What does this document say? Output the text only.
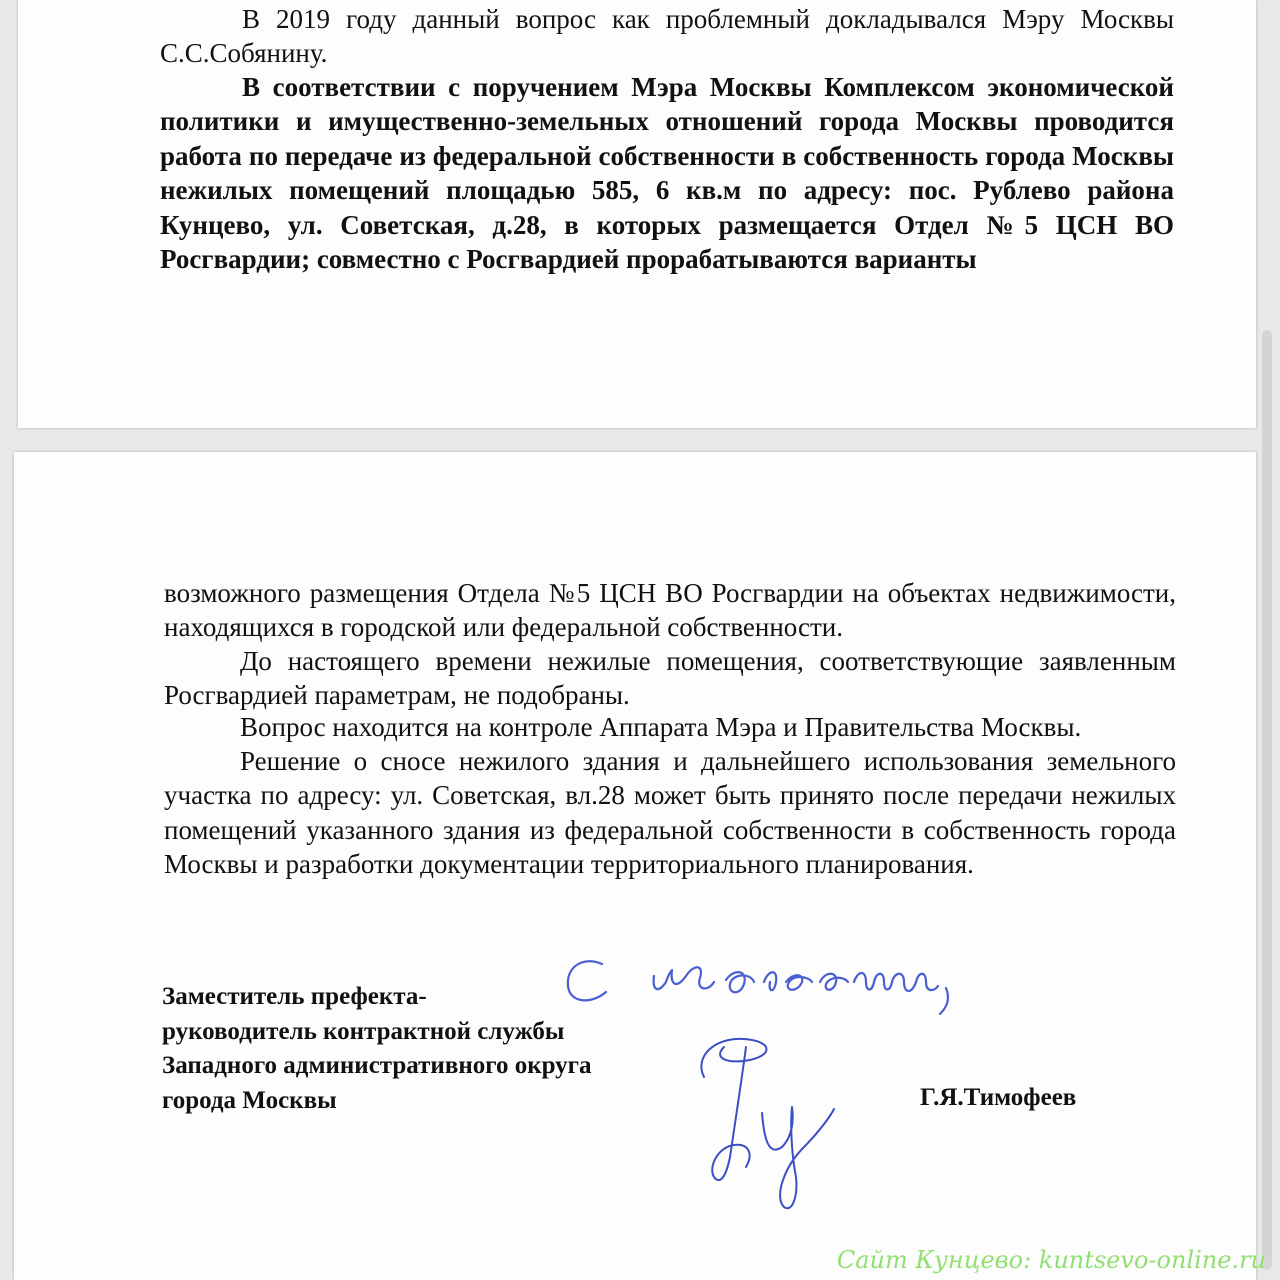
В 2019 году данный вопрос как проблемный докладывался Мэру Москвы С.С.Собянину.

В соответствии с поручением Мэра Москвы Комплексом экономической политики и имущественно-земельных отношений города Москвы проводится работа по передаче из федеральной собственности в собственность города Москвы нежилых помещений площадью 585, 6 кв.м по адресу: пос. Рублево района Кунцево, ул. Советская, д.28, в которых размещается Отдел №5 ЦСН ВО Росгвардии; совместно с Росгвардией прорабатываются варианты

возможного размещения Отдела №5 ЦСН ВО Росгвардии на объектах недвижимости, находящихся в городской или федеральной собственности.

До настоящего времени нежилые помещения, соответствующие заявленным Росгвардией параметрам, не подобраны.

Вопрос находится на контроле Аппарата Мэра и Правительства Москвы.

Решение о сносе нежилого здания и дальнейшего использования земельного участка по адресу: ул. Советская, вл.28 может быть принято после передачи нежилых помещений указанного здания из федеральной собственности в собственность города Москвы и разработки документации территориального планирования.

Заместитель префекта-
руководитель контрактной службы
Западного административного округа
города Москвы	Г.Я.Тимофеев
Сайт Кунцево: kuntsevo-online.ru
